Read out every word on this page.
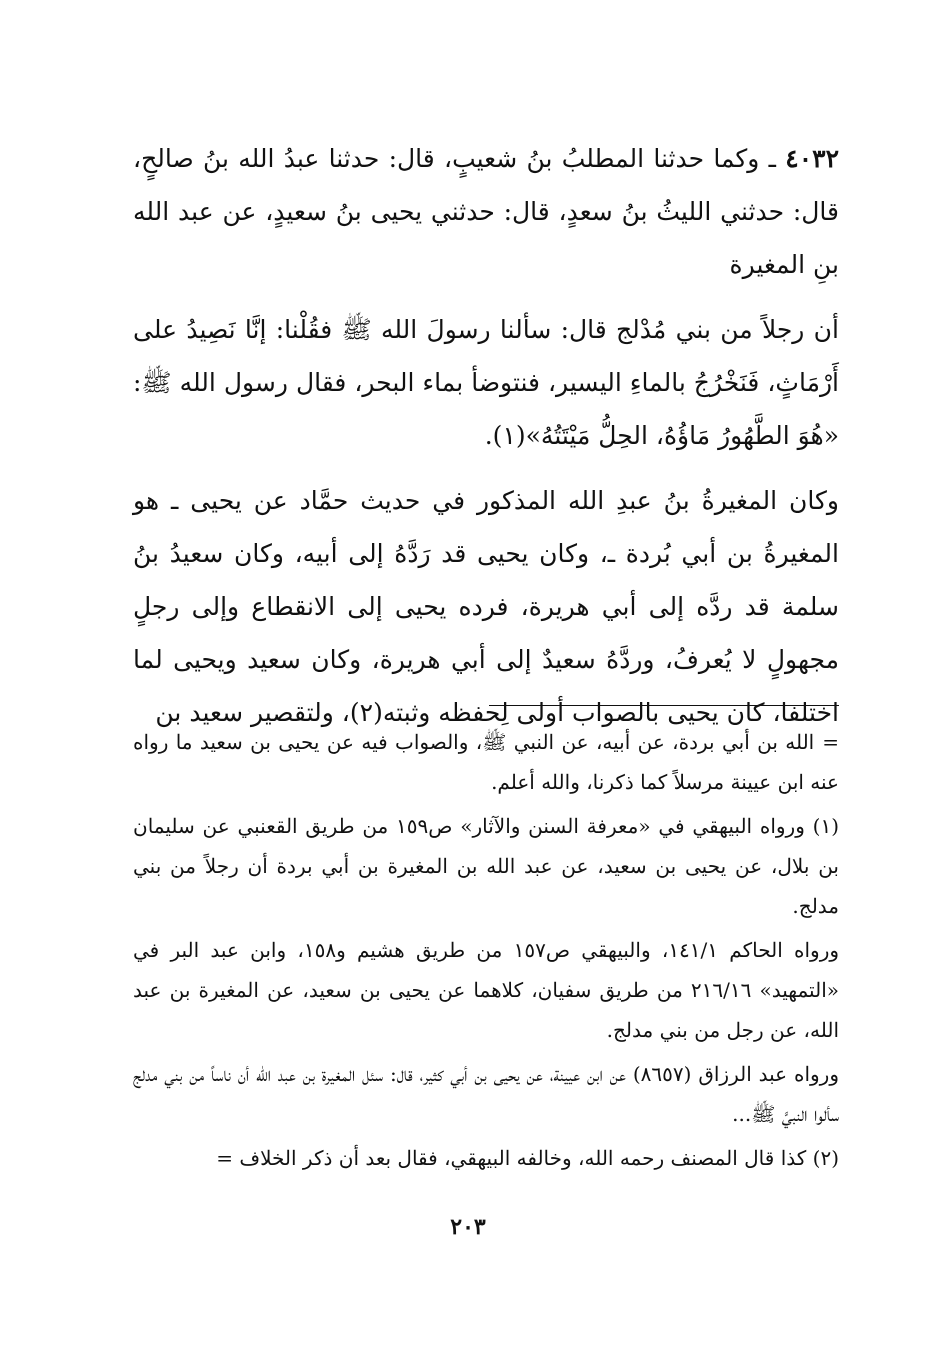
٤٠٣٢ ـ وكما حدثنا المطلبُ بنُ شعيبٍ، قال: حدثنا عبدُ الله بنُ صالحٍ، قال: حدثني الليثُ بنُ سعدٍ، قال: حدثني يحيى بنُ سعيدٍ، عن عبد الله بنِ المغيرة

أن رجلاً من بني مُدْلج قال: سألنا رسولَ الله ﷺ فقُلْنا: إنَّا نَصِيدُ على أَرْمَاثٍ، فَنَخْرُجُ بالماءِ اليسير، فنتوضأ بماء البحر، فقال رسول الله ﷺ: «هُوَ الطَّهُورُ مَاؤُهُ، الحِلُّ مَيْتَتُهُ»(١).

وكان المغيرةُ بنُ عبدِ الله المذكور في حديث حمَّاد عن يحيى ـ هو المغيرةُ بن أبي بُردة ـ، وكان يحيى قد رَدَّهُ إلى أبيه، وكان سعيدُ بنُ سلمة قد ردَّه إلى أبي هريرة، فرده يحيى إلى الانقطاع وإلى رجلٍ مجهولٍ لا يُعرفُ، وردَّهُ سعيدٌ إلى أبي هريرة، وكان سعيد ويحيى لما اختلفا، كان يحيى بالصواب أولى لِحفظه وثبته(٢)، ولتقصير سعيد بن

=الله بن أبي بردة، عن أبيه، عن النبي ﷺ، والصواب فيه عن يحيى بن سعيد ما رواه عنه ابن عيينة مرسلاً كما ذكرنا، والله أعلم.

(١) ورواه البيهقي في «معرفة السنن والآثار» ص١٥٩ من طريق القعنبي عن سليمان بن بلال، عن يحيى بن سعيد، عن عبد الله بن المغيرة بن أبي بردة أن رجلاً من بني مدلج.

ورواه الحاكم ١٤١/١، والبيهقي ص١٥٧ من طريق هشيم و١٥٨، وابن عبد البر في «التمهيد» ٢١٦/١٦ من طريق سفيان، كلاهما عن يحيى بن سعيد، عن المغيرة بن عبد الله، عن رجل من بني مدلج.

ورواه عبد الرزاق (٨٦٥٧) عن ابن عيينة، عن يحيى بن أبي كثير، قال: سئل المغيرة بن عبد الله أن ناساً من بني مدلج سألوا النبيَّ ﷺ...

(٢) كذا قال المصنف رحمه الله، وخالفه البيهقي، فقال بعد أن ذكر الخلاف =

٢٠٣
